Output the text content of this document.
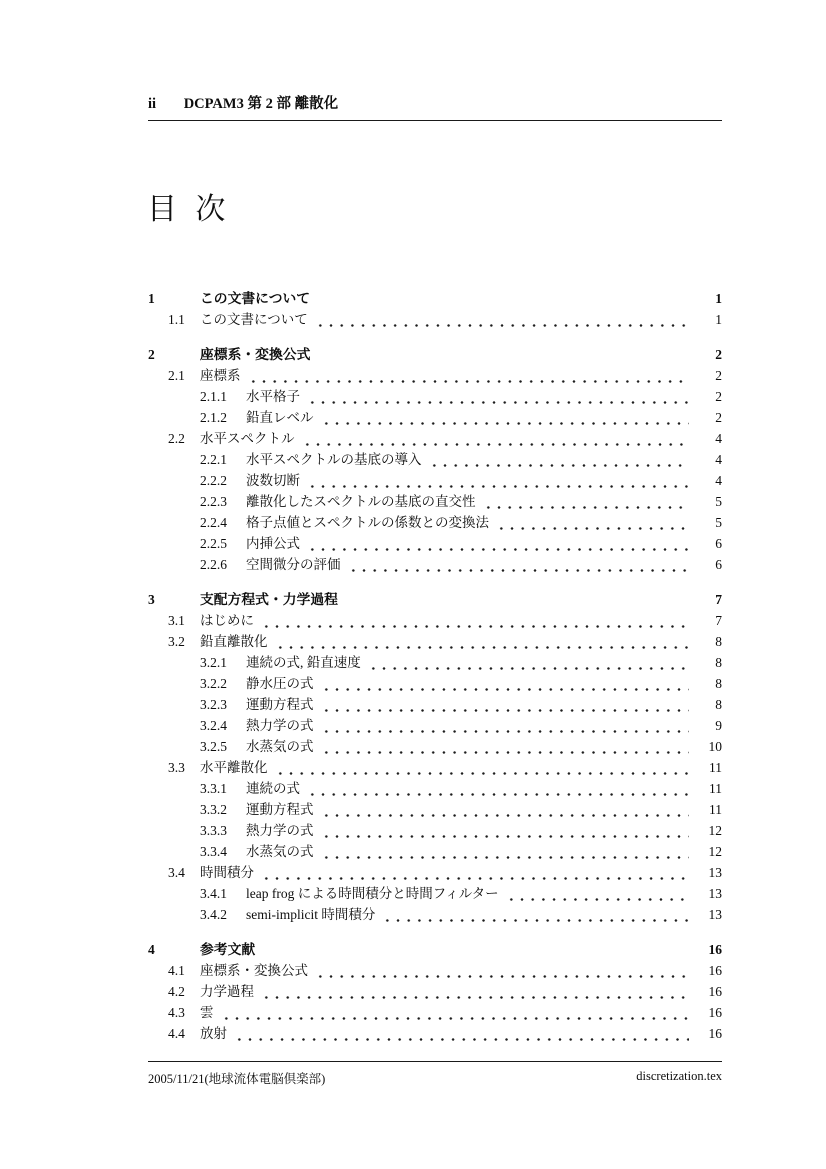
ii DCPAM3 第 2 部 離散化
目 次
1	この文書について	1
1.1	この文書について	1
2	座標系・変換公式	2
2.1	座標系	2
2.1.1	水平格子	2
2.1.2	鉛直レベル	2
2.2	水平スペクトル	4
2.2.1	水平スペクトルの基底の導入	4
2.2.2	波数切断	4
2.2.3	離散化したスペクトルの基底の直交性	5
2.2.4	格子点値とスペクトルの係数との変換法	5
2.2.5	内挿公式	6
2.2.6	空間微分の評価	6
3	支配方程式・力学過程	7
3.1	はじめに	7
3.2	鉛直離散化	8
3.2.1	連続の式, 鉛直速度	8
3.2.2	静水圧の式	8
3.2.3	運動方程式	8
3.2.4	熱力学の式	9
3.2.5	水蒸気の式	10
3.3	水平離散化	11
3.3.1	連続の式	11
3.3.2	運動方程式	11
3.3.3	熱力学の式	12
3.3.4	水蒸気の式	12
3.4	時間積分	13
3.4.1	leap frog による時間積分と時間フィルター	13
3.4.2	semi-implicit 時間積分	13
4	参考文献	16
4.1	座標系・変換公式	16
4.2	力学過程	16
4.3	雲	16
4.4	放射	16
2005/11/21(地球流体電脳倶楽部)	discretization.tex
